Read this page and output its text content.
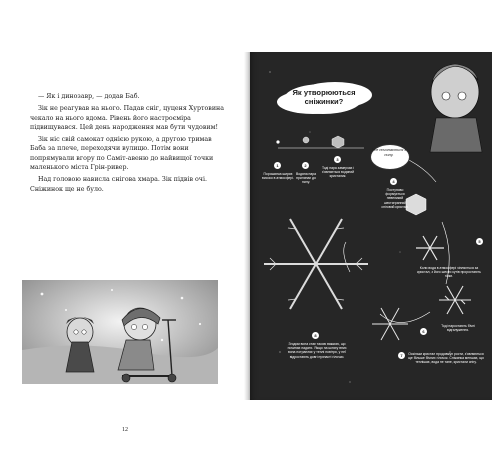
— Як і динозавр, — додав Баб.

Зік не реагував на нього. Падав сніг, цуценя Хуртовина чекало на нього вдома. Рівень його настроєміра підвищувався. Цей день народження мав бути чудовим!

Зік ніс свій самокат однією рукою, а другою тримав Баба за плече, переходячи вулицю. Потім вони попрямували вгору по Саміт-авеню до найвищої точки маленького міста Грін-ривер.

Над головою нависла снігова хмара. Зік підвів очі. Сніжинок ще не було.

12
Як утворюються сніжинки?
Усе починається з пилу.
1
Порошинка ширяє високо в атмосфері.
2
Водяна пара прилипає до пилу.
3
Тоді пара замерзає і з'являється водяний кристалик.
4
Поступово формується невеликий шестигранний сніговий кристал.
5
Коли вода в атмосфері чіпляється за кристал, з його шести кутів проростають гілки.
6
Тоді наростають бічні відгалуження.
7	Оскільки кристал продовжує рости, з'являються ще більше бічних гілочок. Сніжинка меншає, що теплішає, вода не тане, кристали снігу.
8
Згодом вона стає такою важкою, що починає падати. Якщо на шляху вниз вона потрапляє у теплі повітря, у неї відростають довгі пухнасті гілочки.
